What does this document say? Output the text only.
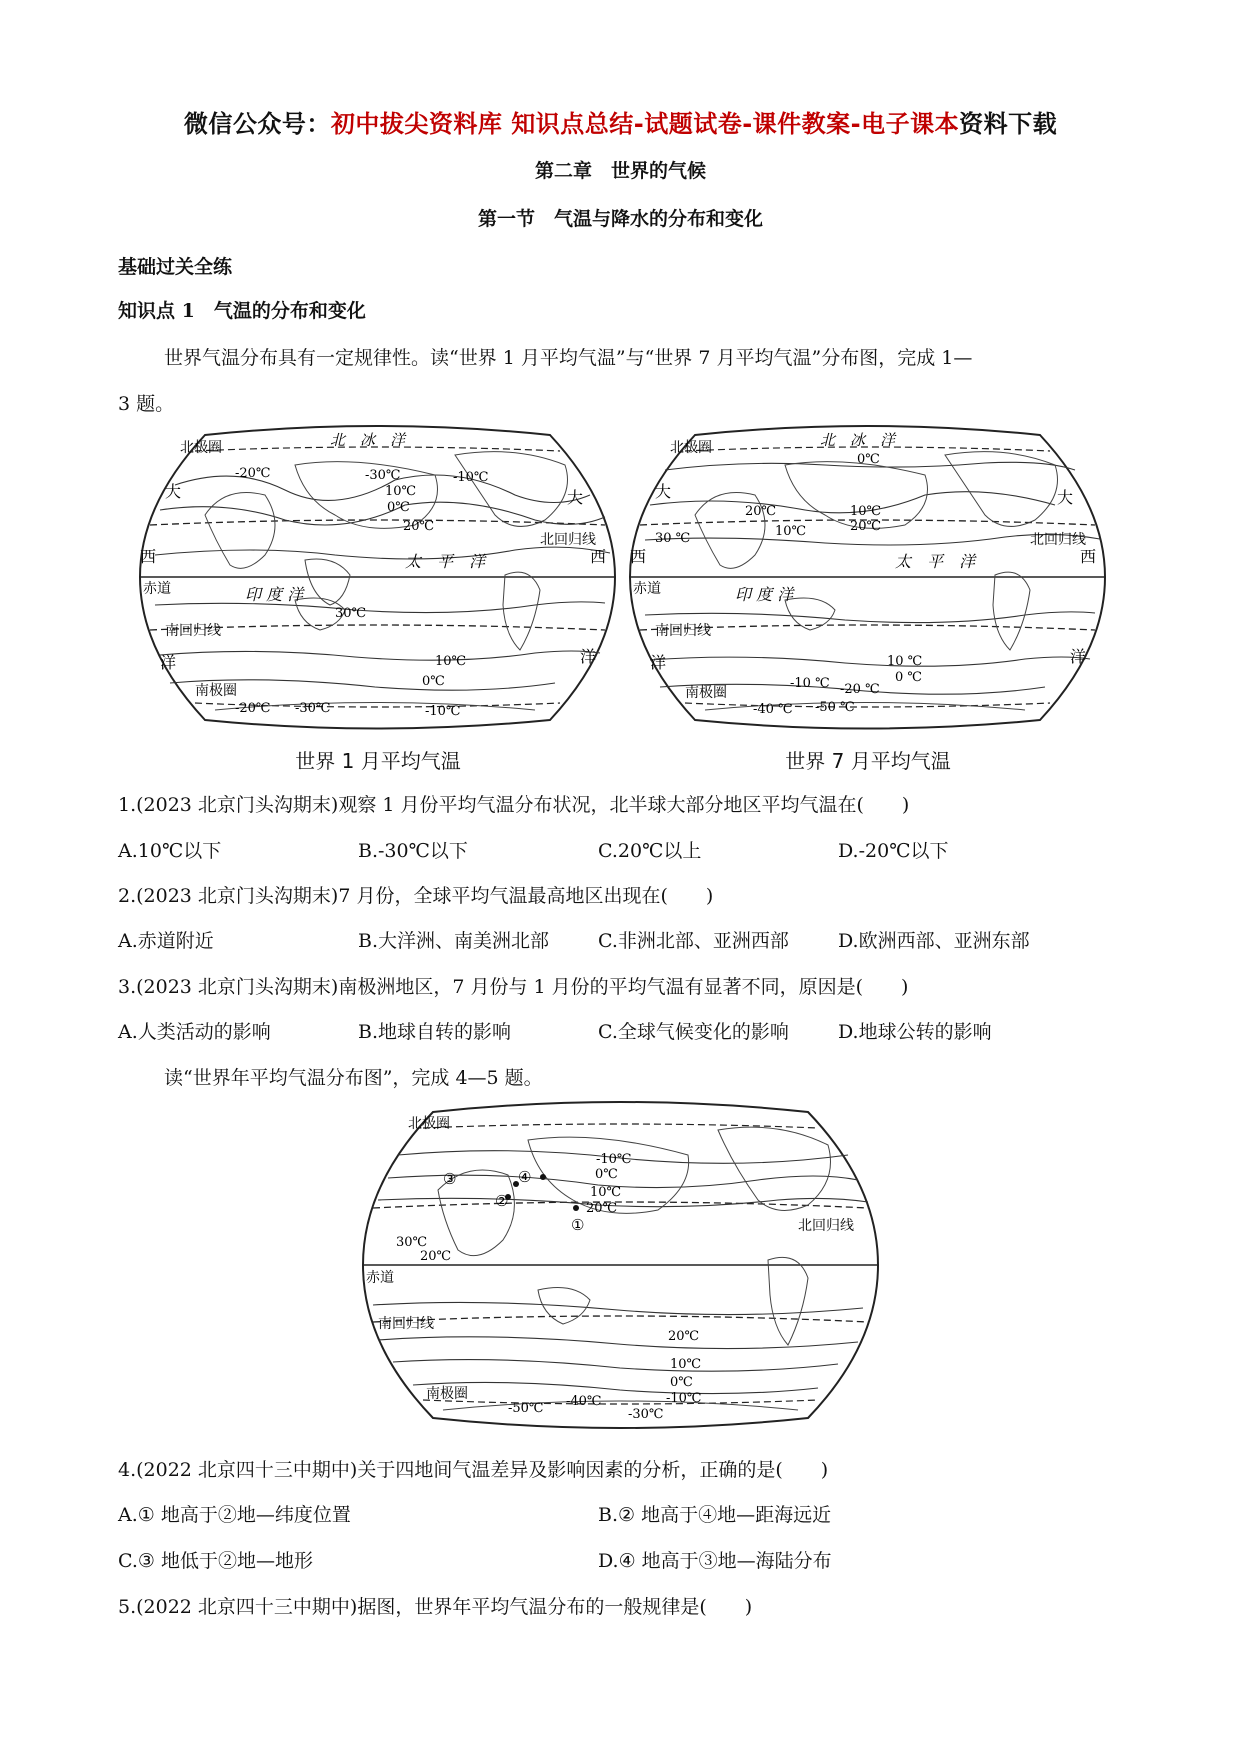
微信公众号：初中拔尖资料库 知识点总结-试题试卷-课件教案-电子课本资料下载
第二章　世界的气候
第一节　气温与降水的分布和变化
基础过关全练
知识点 1　气温的分布和变化
世界气温分布具有一定规律性。读“世界 1 月平均气温”与“世界 7 月平均气温”分布图，完成 1—
3 题。
北极圈	北　冰　洋
-30℃
-20℃	-10℃
10℃
0℃
20℃
30℃
10℃
0℃
-20℃ -30℃	-10℃
北回归线
南回归线
赤道
太　平　洋
印 度 洋
大	大
西	西
洋	洋
南极圈
世界 1 月平均气温
北极圈	北　冰　洋
0℃
20℃
10℃
10℃
20℃
30 ℃
10 ℃
0 ℃
-10 ℃ -20 ℃
-40 ℃ -50 ℃
北回归线
南回归线
赤道
太　平　洋
印 度 洋
大	大
西	西
洋	洋
南极圈
世界 7 月平均气温
1.(2023 北京门头沟期末)观察 1 月份平均气温分布状况，北半球大部分地区平均气温在(　　)
A.10℃以下	B.-30℃以下	C.20℃以上	D.-20℃以下
2.(2023 北京门头沟期末)7 月份，全球平均气温最高地区出现在(　　)
A.赤道附近	B.大洋洲、南美洲北部	C.非洲北部、亚洲西部	D.欧洲西部、亚洲东部
3.(2023 北京门头沟期末)南极洲地区，7 月份与 1 月份的平均气温有显著不同，原因是(　　)
A.人类活动的影响	B.地球自转的影响	C.全球气候变化的影响	D.地球公转的影响
读“世界年平均气温分布图”，完成 4—5 题。
北极圈
-10℃
0℃
10℃
20℃
30℃
20℃
①
②
③	④
北回归线
南回归线
赤道
20℃
10℃
0℃
-10℃
-50℃ -40℃
-30℃
南极圈
4.(2022 北京四十三中期中)关于四地间气温差异及影响因素的分析，正确的是(　　)
A.① 地高于②地—纬度位置	B.② 地高于④地—距海远近
C.③ 地低于②地—地形	D.④ 地高于③地—海陆分布
5.(2022 北京四十三中期中)据图，世界年平均气温分布的一般规律是(　　)
